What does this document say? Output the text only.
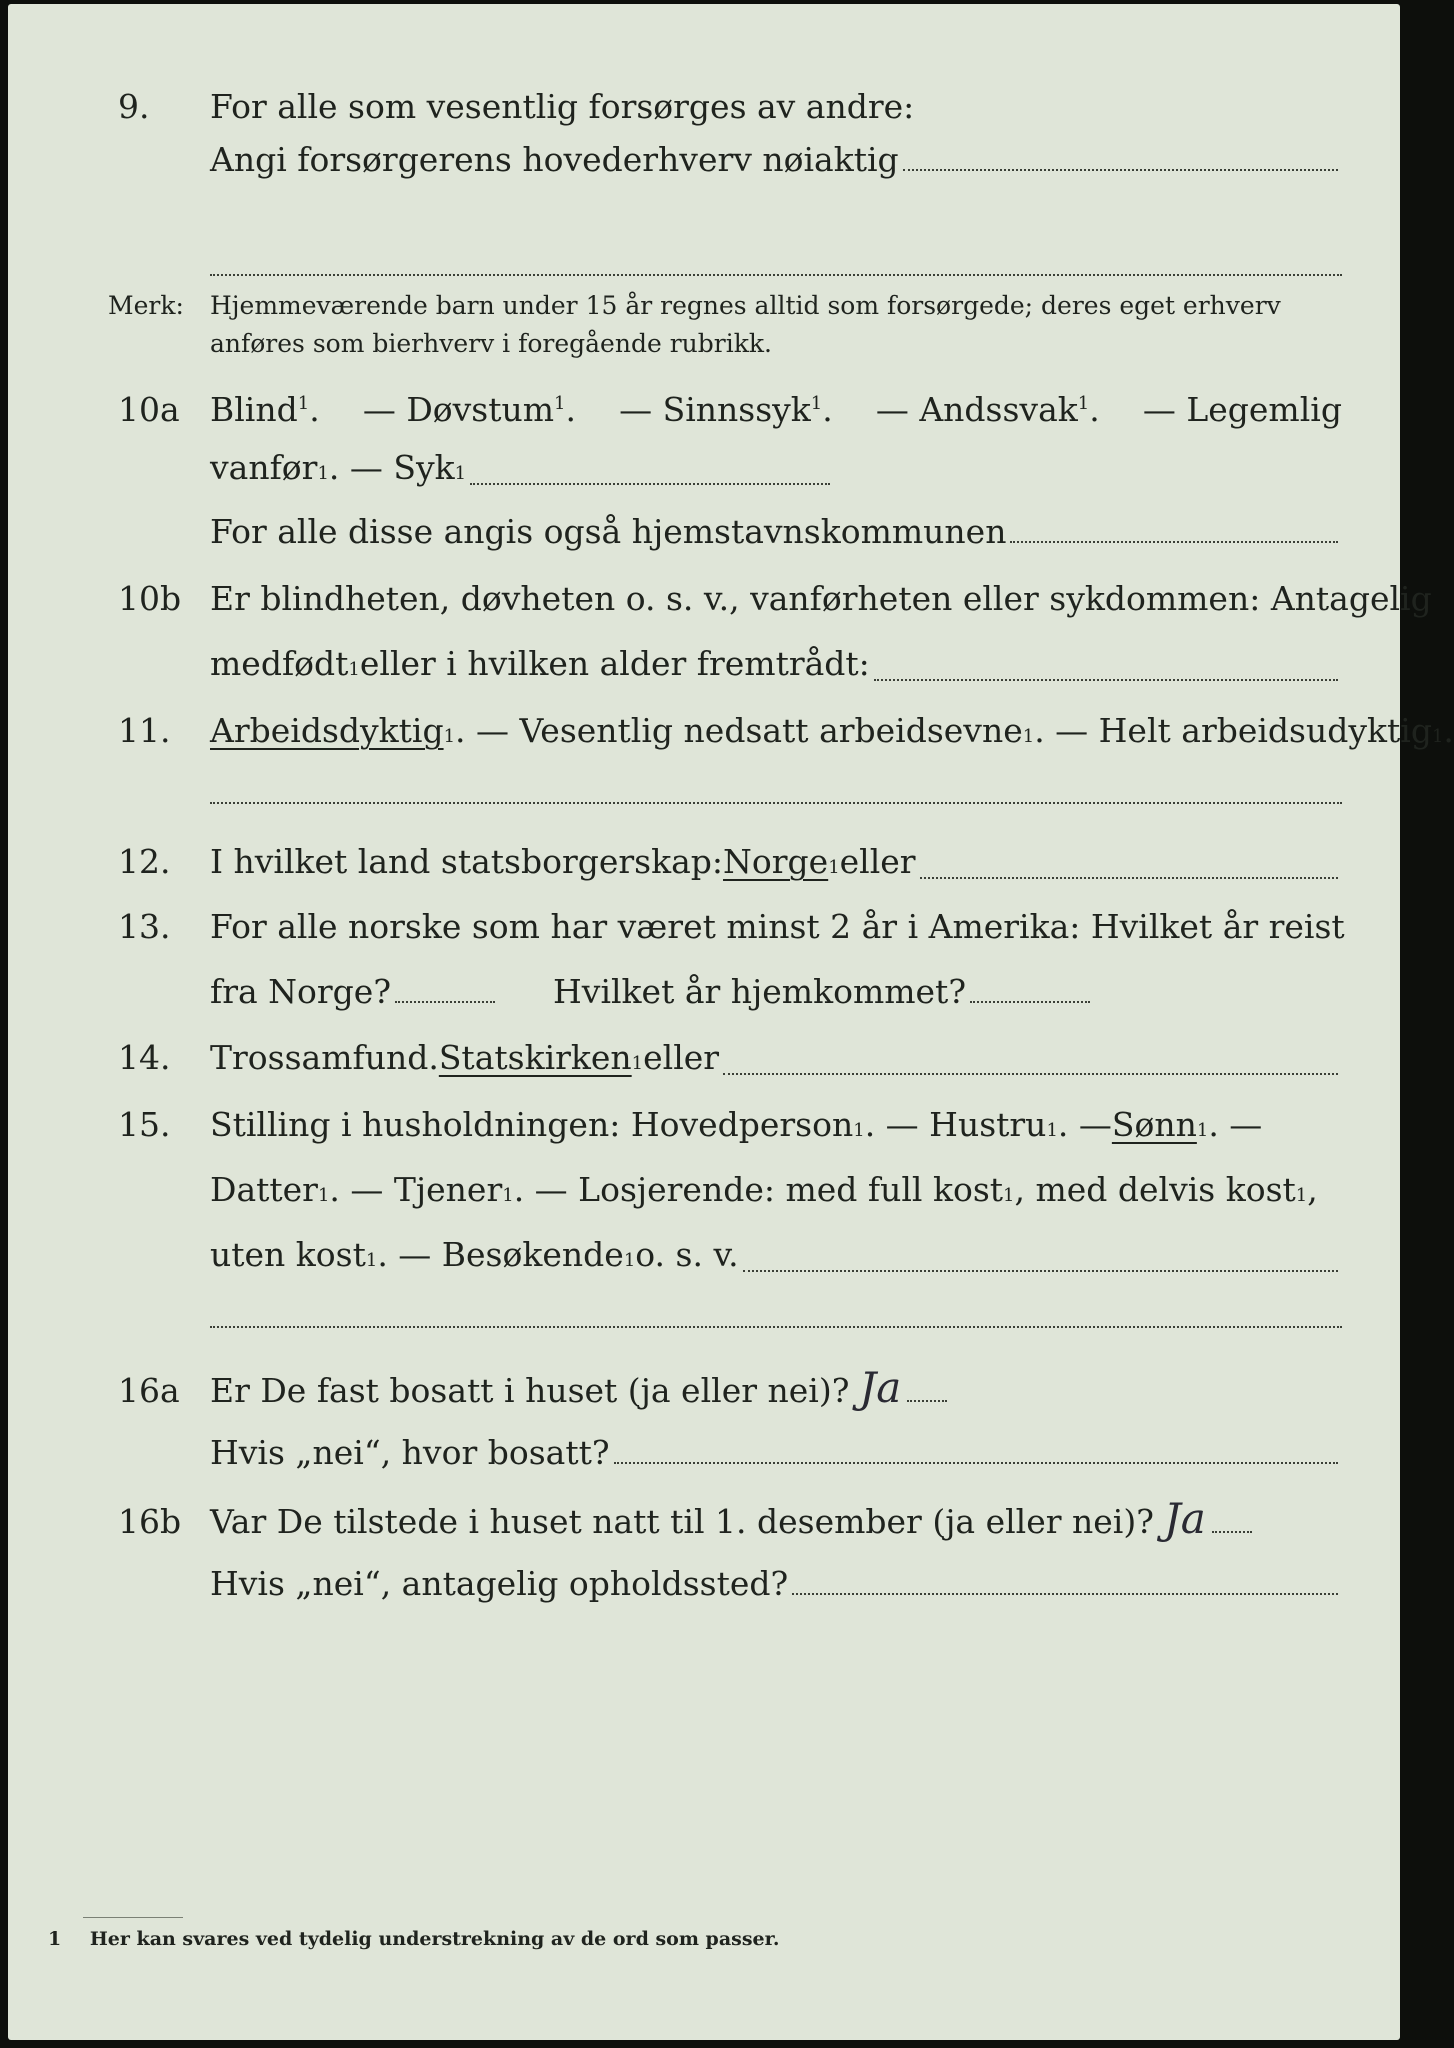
9.	For alle som vesentlig forsørges av andre:
Angi forsørgerens hovederhverv nøiaktig
Merk:	Hjemmeværende barn under 15 år regnes alltid som forsørgede; deres eget erhverv
anføres som bierhverv i foregående rubrikk.
10a Blind$^1$. — Døvstum$^1$. — Sinnssyk$^1$. — Andssvak$^1$. — Legemlig
vanfør 1 . — Syk 1
For alle disse angis også hjemstavnskommunen
10b Er blindheten, døvheten o. s. v., vanførheten eller sykdommen: Antagelig
medfødt 1 eller i hvilken alder fremtrådt:
11.	Arbeidsdyktig 1 . — Vesentlig nedsatt arbeidsevne 1 . — Helt arbeidsudyktig 1 .
12.	I hvilket land statsborgerskap: Norge 1 eller
13.	For alle norske som har været minst 2 år i Amerika: Hvilket år reist
fra Norge?	Hvilket år hjemkommet?
14.	Trossamfund. Statskirken 1 eller
15.	Stilling i husholdningen: Hovedperson 1 . — Hustru 1 . — Sønn 1 . —
Datter 1 . — Tjener 1 . — Losjerende: med full kost 1 , med delvis kost 1 ,
uten kost 1 . — Besøkende 1 o. s. v.
16a Er De fast bosatt i huset (ja eller nei)? Ja
Hvis „nei“, hvor bosatt?
16b Var De tilstede i huset natt til 1. desember (ja eller nei)? Ja
Hvis „nei“, antagelig opholdssted?
1 Her kan svares ved tydelig understrekning av de ord som passer.
